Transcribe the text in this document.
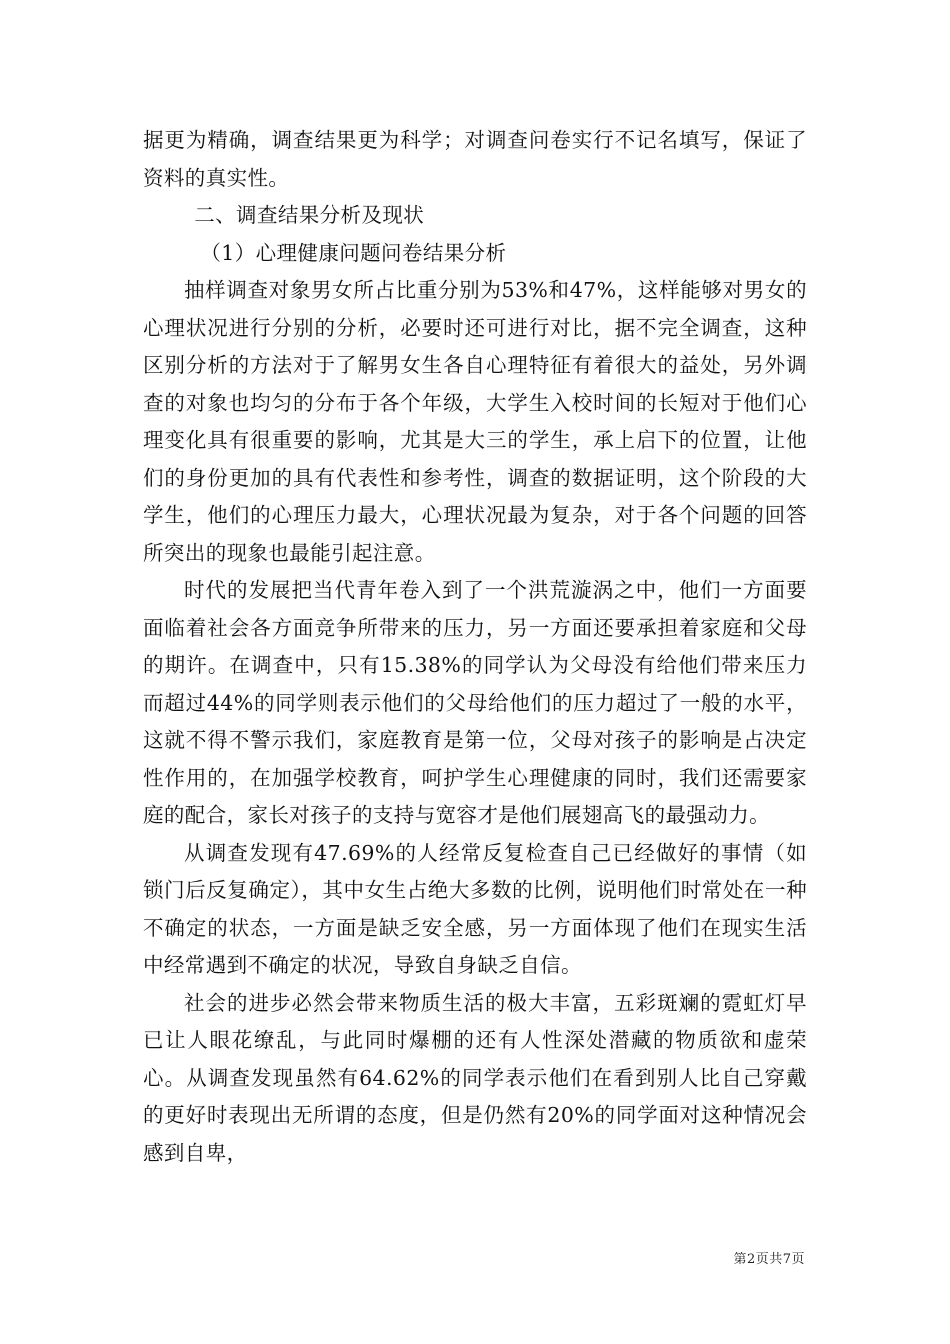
据更为精确，调查结果更为科学；对调查问卷实行不记名填写，保证了资料的真实性。

二、调查结果分析及现状

（1）心理健康问题问卷结果分析

抽样调查对象男女所占比重分别为53%和47%，这样能够对男女的心理状况进行分别的分析，必要时还可进行对比，据不完全调查，这种区别分析的方法对于了解男女生各自心理特征有着很大的益处，另外调查的对象也均匀的分布于各个年级，大学生入校时间的长短对于他们心理变化具有很重要的影响，尤其是大三的学生，承上启下的位置，让他们的身份更加的具有代表性和参考性，调查的数据证明，这个阶段的大学生，他们的心理压力最大，心理状况最为复杂，对于各个问题的回答所突出的现象也最能引起注意。

时代的发展把当代青年卷入到了一个洪荒漩涡之中，他们一方面要面临着社会各方面竞争所带来的压力，另一方面还要承担着家庭和父母的期许。在调查中，只有15.38%的同学认为父母没有给他们带来压力而超过44%的同学则表示他们的父母给他们的压力超过了一般的水平，这就不得不警示我们，家庭教育是第一位，父母对孩子的影响是占决定性作用的，在加强学校教育，呵护学生心理健康的同时，我们还需要家庭的配合，家长对孩子的支持与宽容才是他们展翅高飞的最强动力。

从调查发现有47.69%的人经常反复检查自己已经做好的事情（如锁门后反复确定），其中女生占绝大多数的比例，说明他们时常处在一种不确定的状态，一方面是缺乏安全感，另一方面体现了他们在现实生活中经常遇到不确定的状况，导致自身缺乏自信。

社会的进步必然会带来物质生活的极大丰富，五彩斑斓的霓虹灯早已让人眼花缭乱，与此同时爆棚的还有人性深处潜藏的物质欲和虚荣心。从调查发现虽然有64.62%的同学表示他们在看到别人比自己穿戴的更好时表现出无所谓的态度，但是仍然有20%的同学面对这种情况会感到自卑，

第2页共7页
